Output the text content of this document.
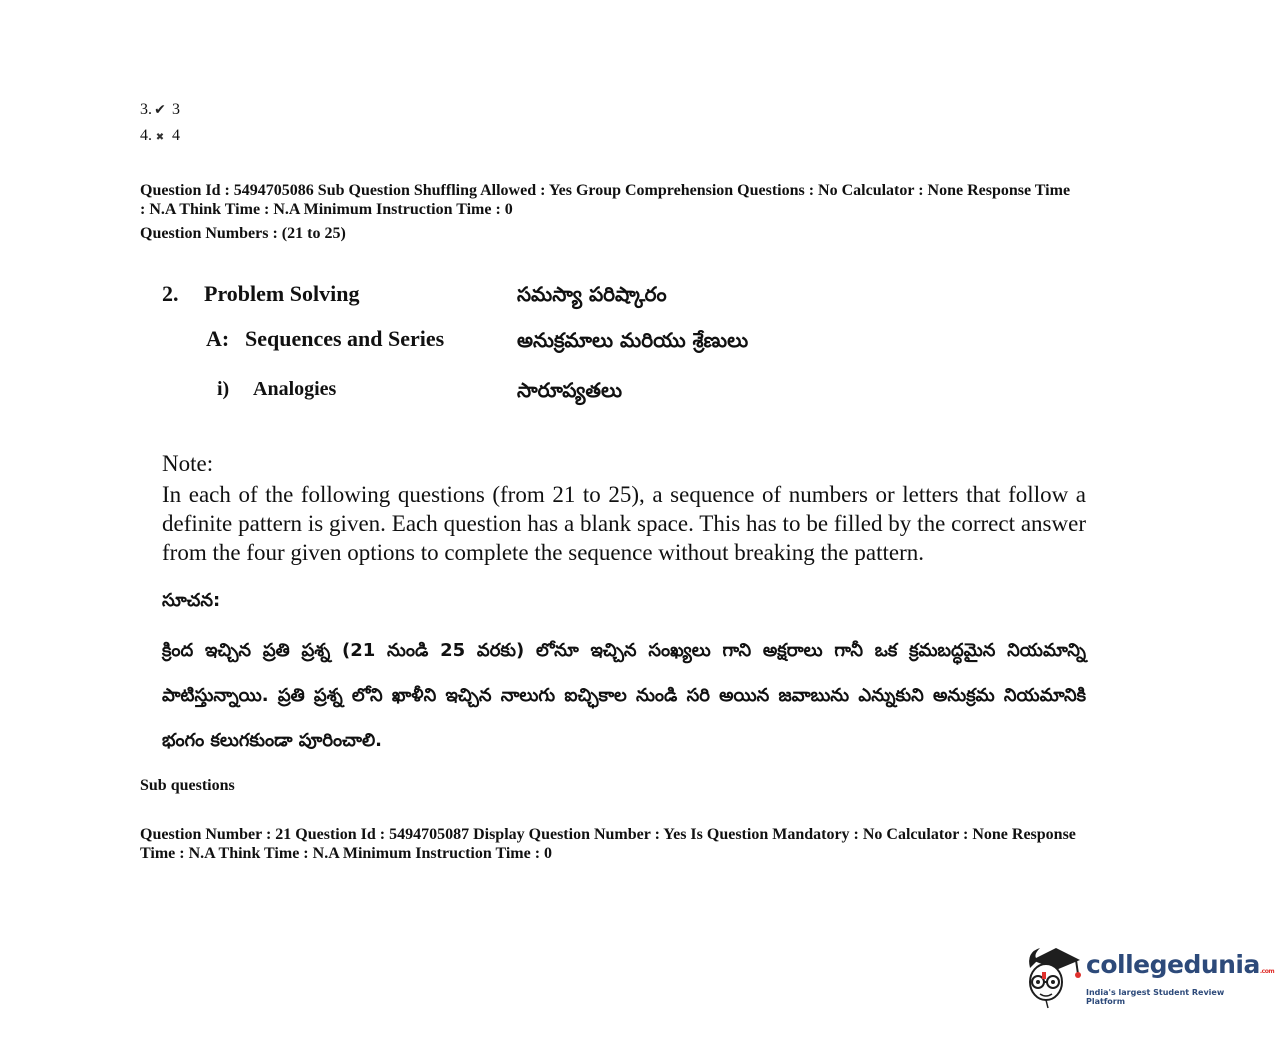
3. ✔ 3
4. ✖ 4
Question Id : 5494705086 Sub Question Shuffling Allowed : Yes Group Comprehension Questions : No Calculator : None Response Time
: N.A Think Time : N.A Minimum Instruction Time : 0
Question Numbers : (21 to 25)
2. Problem Solving	సమస్యా పరిష్కారం
A: Sequences and Series	అనుక్రమాలు మరియు శ్రేణులు
i) Analogies	సారూప్యతలు
Note:
In each of the following questions (from 21 to 25), a sequence of numbers or letters that follow a definite pattern is given. Each question has a blank space. This has to be filled by the correct answer from the four given options to complete the sequence without breaking the pattern.
సూచన:
క్రింద ఇచ్చిన ప్రతి ప్రశ్న (21 నుండి 25 వరకు) లోనూ ఇచ్చిన సంఖ్యలు గాని అక్షరాలు గానీ ఒక క్రమబద్ధమైన నియమాన్ని పాటిస్తున్నాయి. ప్రతి ప్రశ్న లోని ఖాళీని ఇచ్చిన నాలుగు ఐచ్ఛికాల నుండి సరి అయిన జవాబును ఎన్నుకుని అనుక్రమ నియమానికి భంగం కలుగకుండా పూరించాలి.
Sub questions
Question Number : 21 Question Id : 5494705087 Display Question Number : Yes Is Question Mandatory : No Calculator : None Response
Time : N.A Think Time : N.A Minimum Instruction Time : 0
collegedunia.com
India's largest Student Review Platform
